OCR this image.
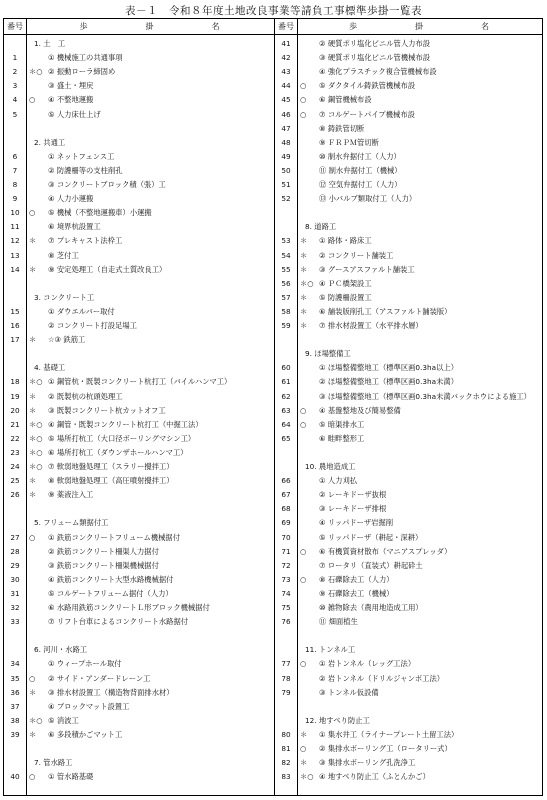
表－１　令和８年度土地改良事業等請負工事標準歩掛一覧表
番号	歩	掛	名
1. 土　工
1	① 機械施工の共通事項
2	＊○ ② 振動ローラ締固め
3	③ 盛土・埋戻
4	○	④ 不整地運搬
5	⑤ 人力床仕上げ
2. 共通工
6	① ネットフェンス工
7	② 防護柵等の支柱削孔
8	③ コンクリートブロック積（張）工
9	④ 人力小運搬
10	○	⑤ 機械（不整地運搬車）小運搬
11	⑥ 境界杭設置工
12	＊	⑦ プレキャスト法枠工
13	⑧ 芝付工
14	＊	⑨ 安定処理工（自走式土質改良工）
3. コンクリート工
15	① ダウエルバー取付
16	② コンクリート打設足場工
17	＊	☆③ 鉄筋工
4. 基礎工
18	＊○ ① 鋼管杭・既製コンクリート杭打工（バイルハンマ工）
19	＊	② 既製杭の杭頭処理工
20	＊	③ 既製コンクリート杭カットオフ工
21	＊○ ④ 鋼管・既製コンクリート杭打工（中掘工法）
22	＊○ ⑤ 場所打杭工（大口径ボーリングマシン工）
23	＊○ ⑥ 場所打杭工（ダウンザホールハンマ工）
24	＊○ ⑦ 軟弱地盤処理工（スラリー攪拌工）
25	＊	⑧ 軟弱地盤処理工（高圧噴射攪拌工）
26	＊	⑨ 薬液注入工
5. フリューム類据付工
27	○	① 鉄筋コンクリートフリューム機械据付
28	② 鉄筋コンクリート柵渠人力据付
29	③ 鉄筋コンクリート柵渠機械据付
30	④ 鉄筋コンクリート大型水路機械据付
31	⑤ コルゲートフリューム据付（人力）
32	⑥ 水路用鉄筋コンクリートＬ形ブロック機械据付
33	⑦ リフト台車によるコンクリート水路据付
6. 河川・水路工
34	① ウィープホール取付
35	○	② サイド・アンダードレーン工
36	＊	③ 排水材設置工（構造物背面排水材）
37	④ ブロックマット設置工
38	＊○ ⑤ 消波工
39	＊	⑥ 多段積かごマット工
7. 管水路工
40	○	① 管水路基礎
番号	歩	掛	名
41	② 硬質ポリ塩化ビニル管人力布設
42	③ 硬質ポリ塩化ビニル管機械布設
43	④ 強化プラスチック複合管機械布設
44	○	⑤ ダクタイル鋳鉄管機械布設
45	○	⑥ 鋼管機械布設
46	○	⑦ コルゲートパイプ機械布設
47	⑧ 鋳鉄管切断
48	⑨ ＦＲＰＭ管切断
49	⑩ 制水弁据付工（人力）
50	⑪ 制水弁据付工（機械）
51	⑫ 空気弁据付工（人力）
52	⑬ 小バルブ類取付工（人力）
8. 道路工
53	＊	① 路体・路床工
54	＊	② コンクリート舗装工
55	＊	③ グースアスファルト舗装工
56	＊○ ④ ＰＣ橋架設工
57	＊	⑤ 防護柵設置工
58	＊	⑥ 舗装版削孔工（アスファルト舗装版）
59	＊	⑦ 排水材設置工（水平排水層）
9. ほ場整備工
60	① ほ場整備整地工（標準区画0.3ha以上）
61	② ほ場整備整地工（標準区画0.3ha未満）
62	③ ほ場整備整地工（標準区画0.3ha未満バックホウによる施工）
63	○	④ 基盤整地及び簡易整備
64	○	⑤ 暗渠排水工
65	⑥ 畦畔整形工
10. 農地造成工
66	① 人力刈払
67	② レーキドーザ抜根
68	③ レーキドーザ排根
69	④ リッパドーザ岩掘削
70	⑤ リッパドーザ（耕起・深耕）
71	○	⑥ 有機質資材散布（マニアスプレッダ）
72	⑦ ロータリ（直装式）耕起砕土
73	○	⑧ 石礫除去工（人力）
74	⑨ 石礫除去工（機械）
75	⑩ 雑物除去（農用地造成工用）
76	⑪ 畑面植生
11. トンネル工
77	○	① 岩トンネル（レッグ工法）
78	② 岩トンネル（ドリルジャンボ工法）
79	③ トンネル仮設備
12. 地すべり防止工
80	＊	① 集水井工（ライナープレート土留工法）
81	○	② 集排水ボーリング工（ロータリー式）
82	＊	③ 集排水ボーリング孔洗浄工
83	＊○ ④ 地すべり防止工（ふとんかご）
